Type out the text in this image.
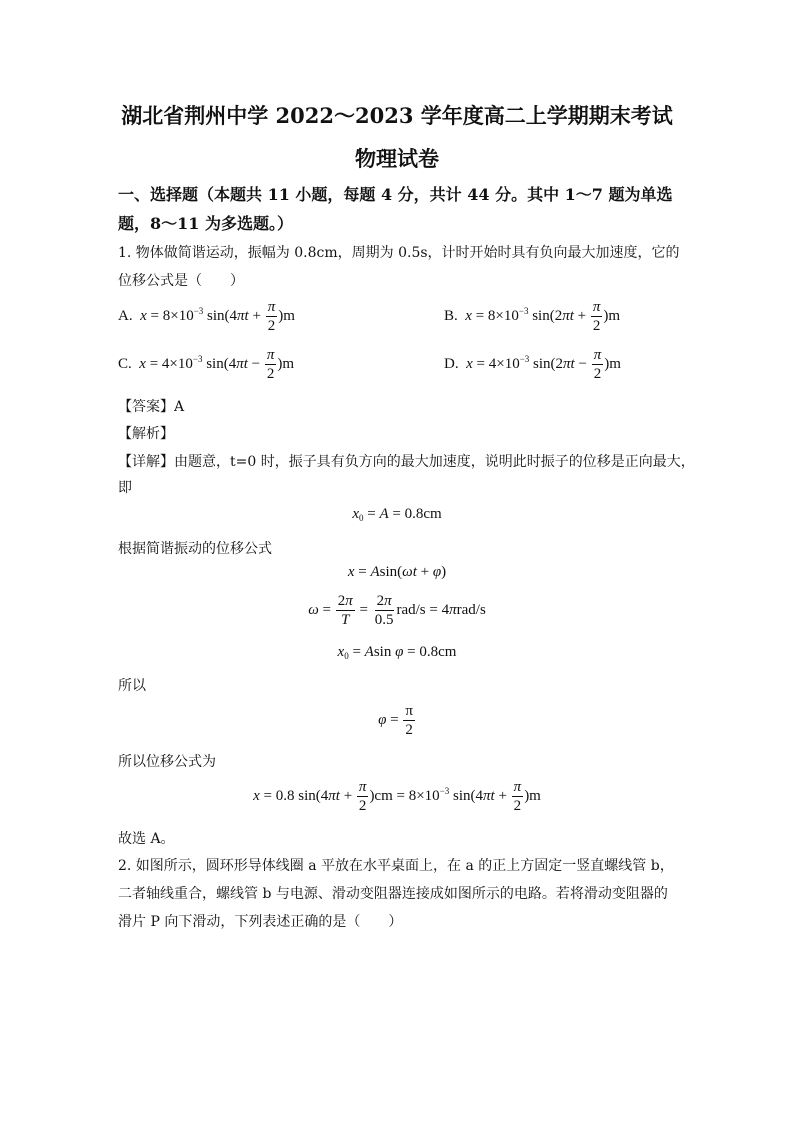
湖北省荆州中学 2022～2023 学年度高二上学期期末考试
物理试卷
一、选择题（本题共 11 小题，每题 4 分，共计 44 分。其中 1～7 题为单选
题，8～11 为多选题。）
1. 物体做简谐运动，振幅为 0.8cm，周期为 0.5s，计时开始时具有负向最大加速度，它的
位移公式是（　　）
A. $x = 8\times 10^{-3}$ $\sin(4\pi t + \frac{\pi}{2} )m$	B. $x = 8\times 10^{-3}$ $\sin(2\pi t + \frac{\pi}{2} )m$
C. $x = 4\times 10^{-3}$ $\sin(4\pi t - \frac{\pi}{2} )m$	D. $x = 4\times 10^{-3}$ $\sin(2\pi t - \frac{\pi}{2} )m$
【答案】A
【解析】
【详解】由题意，t=0 时，振子具有负方向的最大加速度，说明此时振子的位移是正向最大，
即
$x_0 = A = 0.8cm$
根据简谐振动的位移公式
x = Asin(ωt + φ)
$\omega = \frac{2\pi}{T} = \frac{2\pi}{0.5} rad/s = 4\pi rad/s$
$x_0 = Asin$ φ = 0.8cm
所以
$\varphi = \frac{\pi}{2}$
所以位移公式为
x = 0.8 $\sin(4\pi t + \frac{\pi}{2} )cm = 8\times 10^{-3}$ $\sin(4\pi t + \frac{\pi}{2} )m$
故选 A。
2. 如图所示，圆环形导体线圈 a 平放在水平桌面上，在 a 的正上方固定一竖直螺线管 b，
二者轴线重合，螺线管 b 与电源、滑动变阻器连接成如图所示的电路。若将滑动变阻器的
滑片 P 向下滑动，下列表述正确的是（　　）
